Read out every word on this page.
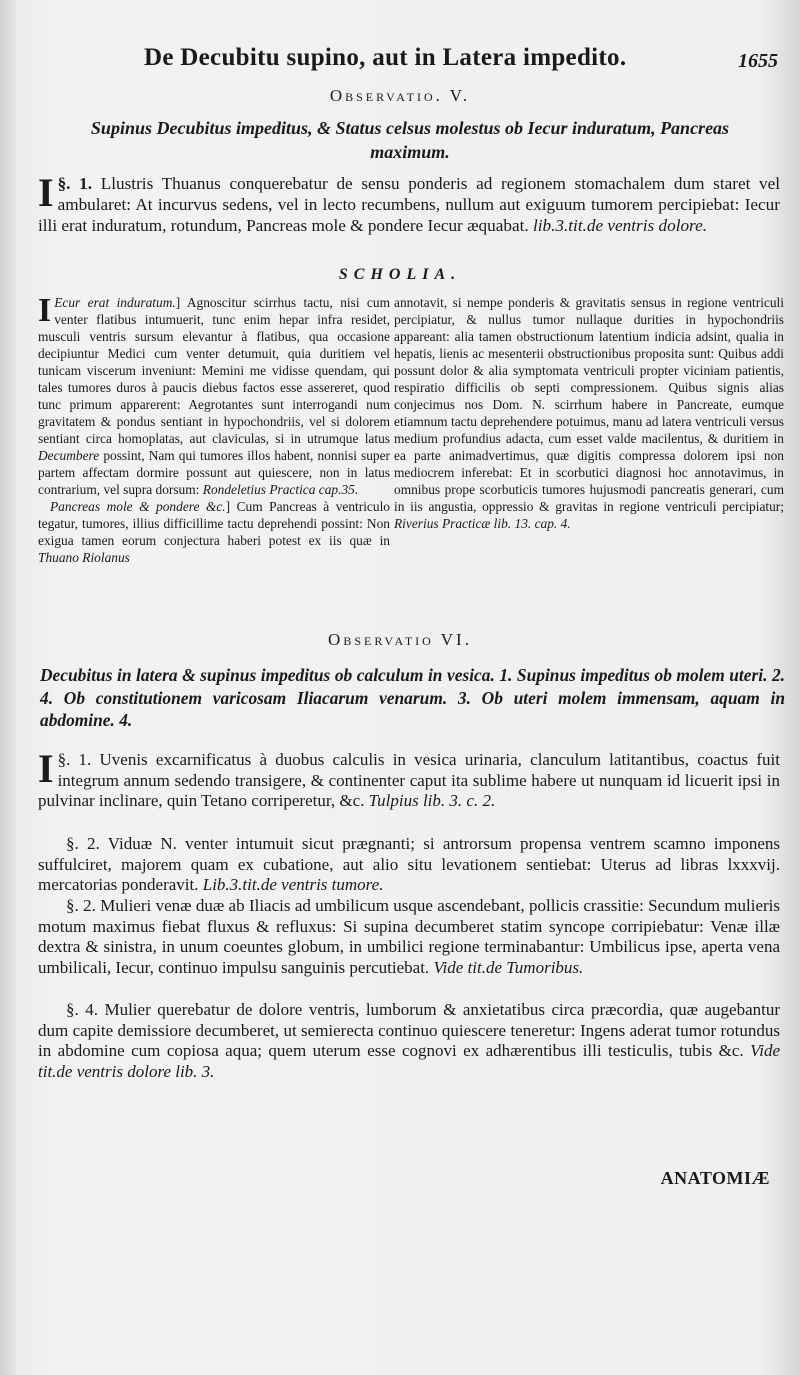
De Decubitu supino, aut in Latera impedito.	1655
Observatio. V.
Supinus Decubitus impeditus, & Status celsus molestus ob Iecur induratum, Pancreas maximum.

§. 1.
I	Llustris Thuanus conquerebatur de sensu ponderis ad regionem stomachalem dum staret vel ambularet: At incurvus sedens, vel in lecto recumbens, nullum aut exiguum tumorem percipiebat: Iecur illi erat induratum, rotundum, Pancreas mole & pondere Iecur æquabat. lib.3.tit.de ventris dolore.

SCHOLIA.

I Ecur erat induratum.] Agnoscitur scirrhus tactu, nisi cum venter flatibus intumuerit, tunc enim hepar infra residet, musculi ventris sursum elevantur à flatibus, qua occasione decipiuntur Medici cum venter detumuit, quia duritiem vel tunicam viscerum inveniunt: Memini me vidisse quendam, qui tales tumores duros à paucis diebus factos esse assereret, quod tunc primum apparerent: Aegrotantes sunt interrogandi num gravitatem & pondus sentiant in hypochondriis, vel si dolorem sentiant circa homoplatas, aut claviculas, si in utrumque latus Decumbere possint, Nam qui tumores illos habent, nonnisi super partem affectam dormire possunt aut quiescere, non in latus contrarium, vel supra dorsum: Rondeletius Practica cap.35.

Pancreas mole & pondere &c.] Cum Pancreas à ventriculo tegatur, tumores, illius difficillime tactu deprehendi possint: Non exigua tamen eorum conjectura haberi potest ex iis quæ in Thuano Riolanus

annotavit, si nempe ponderis & gravitatis sensus in regione ventriculi percipiatur, & nullus tumor nullaque durities in hypochondriis appareant: alia tamen obstructionum latentium indicia adsint, qualia in hepatis, lienis ac mesenterii obstructionibus proposita sunt: Quibus addi possunt dolor & alia symptomata ventriculi propter viciniam patientis, respiratio difficilis ob septi compressionem. Quibus signis alias conjecimus nos Dom. N. scirrhum habere in Pancreate, eumque etiamnum tactu deprehendere potuimus, manu ad latera ventriculi versus medium profundius adacta, cum esset valde macilentus, & duritiem in ea parte animadvertimus, quæ digitis compressa dolorem ipsi non mediocrem inferebat: Et in scorbutici diagnosi hoc annotavimus, in omnibus prope scorbuticis tumores hujusmodi pancreatis generari, cum in iis angustia, oppressio & gravitas in regione ventriculi percipiatur; Riverius Practicæ lib. 13. cap. 4.

Observatio VI.
Decubitus in latera & supinus impeditus ob calculum in vesica. 1. Supinus impeditus ob molem uteri. 2. 4. Ob constitutionem varicosam Iliacarum venarum. 3. Ob uteri molem immensam, aquam in abdomine. 4.

§. 1.
I	Uvenis excarnificatus à duobus calculis in vesica urinaria, clanculum latitantibus, coactus fuit integrum annum sedendo transigere, & continenter caput ita sublime habere ut nunquam id licuerit ipsi in pulvinar inclinare, quin Tetano corriperetur, &c. Tulpius lib. 3. c. 2.

§. 2. Viduæ N. venter intumuit sicut prægnanti; si antrorsum propensa ventrem scamno imponens suffulciret, majorem quam ex cubatione, aut alio situ levationem sentiebat: Uterus ad libras lxxxvij. mercatorias ponderavit. Lib.3.tit.de ventris tumore.

§. 2. Mulieri venæ duæ ab Iliacis ad umbilicum usque ascendebant, pollicis crassitie: Secundum mulieris motum maximus fiebat fluxus & refluxus: Si supina decumberet statim syncope corripiebatur: Venæ illæ dextra & sinistra, in unum coeuntes globum, in umbilici regione terminabantur: Umbilicus ipse, aperta vena umbilicali, Iecur, continuo impulsu sanguinis percutiebat. Vide tit.de Tumoribus.

§. 4. Mulier querebatur de dolore ventris, lumborum & anxietatibus circa præcordia, quæ augebantur dum capite demissiore decumberet, ut semierecta continuo quiescere teneretur: Ingens aderat tumor rotundus in abdomine cum copiosa aqua; quem uterum esse cognovi ex adhærentibus illi testiculis, tubis &c. Vide tit.de ventris dolore lib. 3.

ANATOMIÆ
